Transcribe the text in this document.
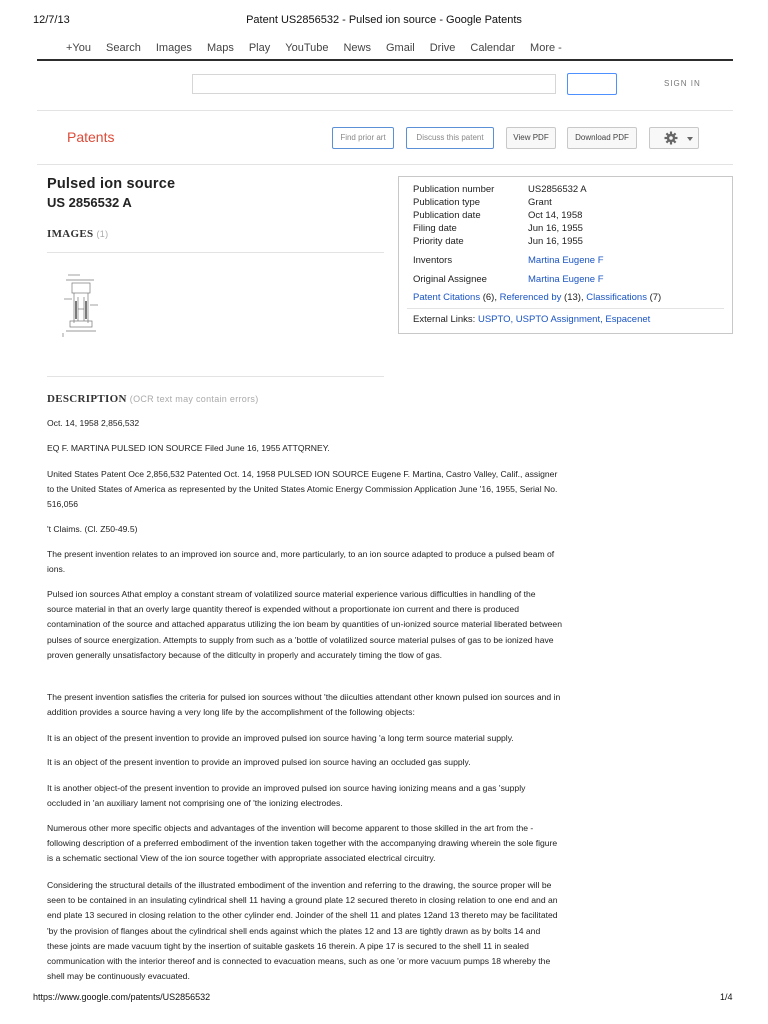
12/7/13	Patent US2856532 - Pulsed ion source - Google Patents
+You Search Images Maps Play YouTube News Gmail Drive Calendar More -
SIGN IN
Patents	Find prior art	Discuss this patent	View PDF	Download PDF
Pulsed ion source
US 2856532 A
IMAGES (1)
Publication number	US2856532 A
Publication type	Grant
Publication date	Oct 14, 1958
Filing date	Jun 16, 1955
Priority date	Jun 16, 1955
Inventors	Martina Eugene F
Original Assignee	Martina Eugene F
Patent Citations (6), Referenced by (13), Classifications (7)
External Links: USPTO, USPTO Assignment, Espacenet
DESCRIPTION (OCR text may contain errors)

Oct. 14, 1958 2,856,532

EQ F. MARTINA PULSED ION SOURCE Filed June 16, 1955 ATTQRNEY.

United States Patent Oce 2,856,532 Patented Oct. 14, 1958 PULSED ION SOURCE Eugene F. Martina, Castro Valley, Calif., assigner to the United States of America as represented by the United States Atomic Energy Commission Application June '16, 1955, Serial No. 516,056

't Claims. (Cl. Z50-49.5)

The present invention relates to an improved ion source and, more particularly, to an ion source adapted to produce a pulsed beam of ions.

Pulsed ion sources Athat employ a constant stream of volatilized source material experience various difficulties in handling of the source material in that an overly large quantity thereof is expended without a proportionate ion current and there is produced contamination of the source and attached apparatus utilizing the ion beam by quantities of un-ionized source material liberated between pulses of source energization. Attempts to supply from such as a 'bottle of volatilized source material pulses of gas to be ionized have proven generally unsatisfactory because of the ditlculty in properly and accurately timing the tlow of gas.

The present invention satisfies the criteria for pulsed ion sources without 'the diiculties attendant other known pulsed ion sources and in addition provides a source having a very long life by the accomplishment of the following objects:

It is an object of the present invention to provide an improved pulsed ion source having 'a long term source material supply.

It is an object of the present invention to provide an improved pulsed ion source having an occluded gas supply.

It is another object-of the present invention to provide an improved pulsed ion source having ionizing means and a gas 'supply occluded in 'an auxiliary lament not comprising one of 'the ionizing electrodes.

Numerous other more specific objects and advantages of the invention will become apparent to those skilled in the art from the -following description of a preferred embodiment of the invention taken together with the accompanying drawing wherein the sole figure is a schematic sectional View of the ion source together with appropriate associated electrical circuitry.

Considering the structural details of the illustrated embodiment of the invention and referring to the drawing, the source proper will be seen to be contained in an insulating cylindrical shell 11 having a ground plate 12 secured thereto in closing relation to one end and an end plate 13 secured in closing relation to the other cylinder end. Joinder of the shell 11 and plates 12and 13 thereto may be facilitated 'by the provision of flanges about the cylindrical shell ends against which the plates 12 and 13 are tightly drawn as by bolts 14 and these joints are made vacuum tight by the insertion of suitable gaskets 16 therein. A pipe 17 is secured to the shell 11 in sealed communication with the interior thereof and is connected to evacuation means, such as one 'or more vacuum pumps 18 whereby the shell may be continuously evacuated.

https://www.google.com/patents/US2856532	1/4
